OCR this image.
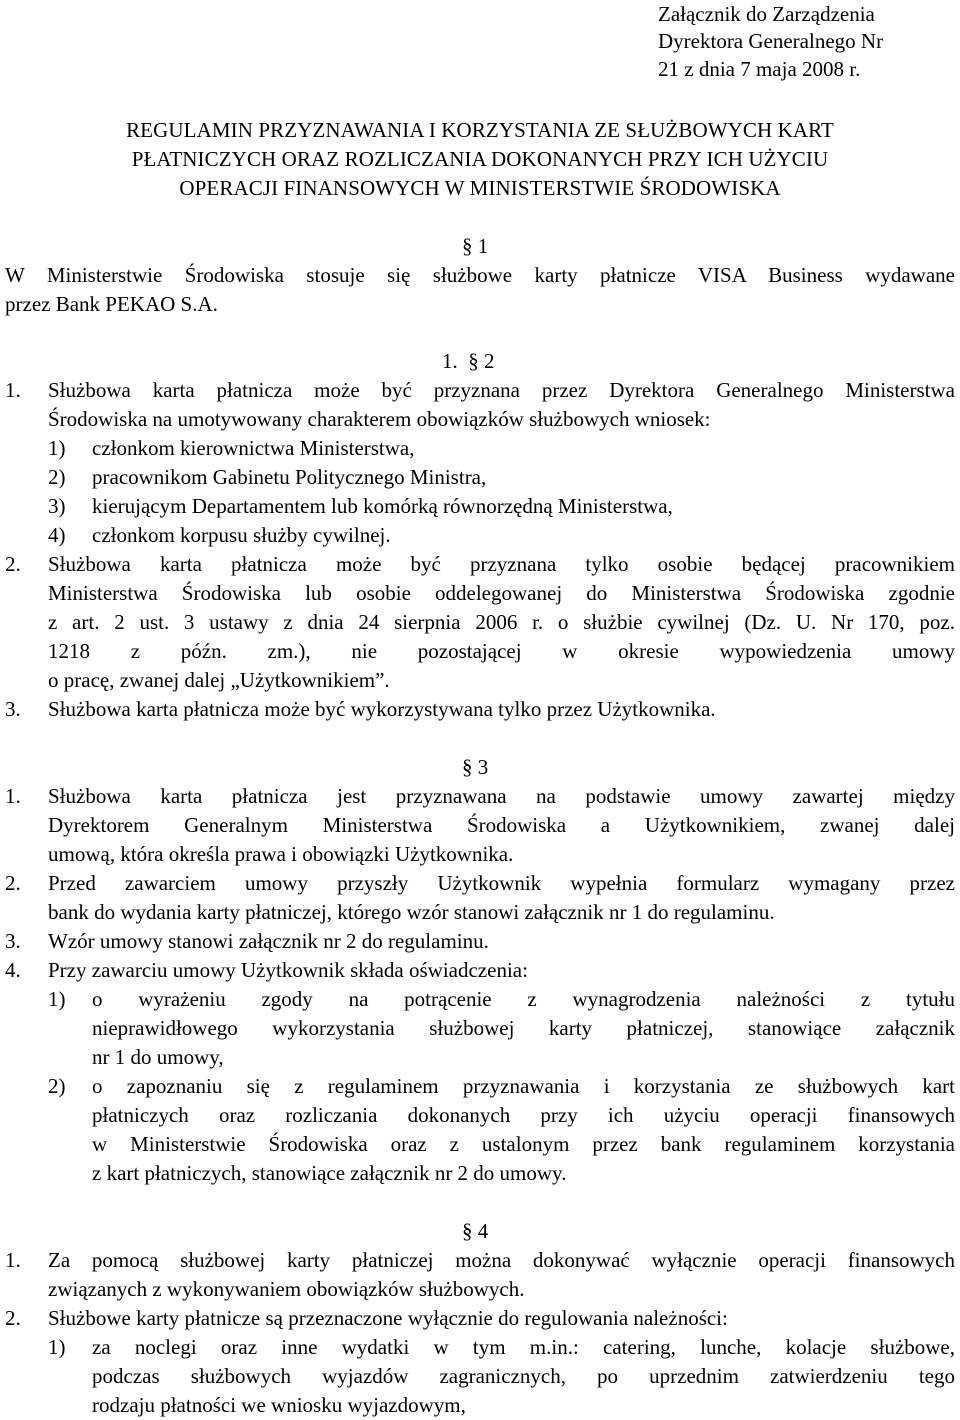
Załącznik do Zarządzenia
Dyrektora Generalnego Nr
21 z dnia 7 maja 2008 r.
REGULAMIN PRZYZNAWANIA I KORZYSTANIA ZE SŁUŻBOWYCH KART
PŁATNICZYCH ORAZ ROZLICZANIA DOKONANYCH PRZY ICH UŻYCIU
OPERACJI FINANSOWYCH W MINISTERSTWIE ŚRODOWISKA
§ 1
W Ministerstwie Środowiska stosuje się służbowe karty płatnicze VISA Business wydawane
przez Bank PEKAO S.A.
1. § 2
1. Służbowa karta płatnicza może być przyznana przez Dyrektora Generalnego Ministerstwa
Środowiska na umotywowany charakterem obowiązków służbowych wniosek:
1) członkom kierownictwa Ministerstwa,
2) pracownikom Gabinetu Politycznego Ministra,
3) kierującym Departamentem lub komórką równorzędną Ministerstwa,
4) członkom korpusu służby cywilnej.
2. Służbowa karta płatnicza może być przyznana tylko osobie będącej pracownikiem
Ministerstwa Środowiska lub osobie oddelegowanej do Ministerstwa Środowiska zgodnie
z art. 2 ust. 3 ustawy z dnia 24 sierpnia 2006 r. o służbie cywilnej (Dz. U. Nr 170, poz.
1218 z późn. zm.), nie pozostającej w okresie wypowiedzenia umowy
o pracę, zwanej dalej „Użytkownikiem”.
3. Służbowa karta płatnicza może być wykorzystywana tylko przez Użytkownika.
§ 3
1. Służbowa karta płatnicza jest przyznawana na podstawie umowy zawartej między
Dyrektorem Generalnym Ministerstwa Środowiska a Użytkownikiem, zwanej dalej
umową, która określa prawa i obowiązki Użytkownika.
2. Przed zawarciem umowy przyszły Użytkownik wypełnia formularz wymagany przez
bank do wydania karty płatniczej, którego wzór stanowi załącznik nr 1 do regulaminu.
3. Wzór umowy stanowi załącznik nr 2 do regulaminu.
4. Przy zawarciu umowy Użytkownik składa oświadczenia:
1) o wyrażeniu zgody na potrącenie z wynagrodzenia należności z tytułu
nieprawidłowego wykorzystania służbowej karty płatniczej, stanowiące załącznik
nr 1 do umowy,
2) o zapoznaniu się z regulaminem przyznawania i korzystania ze służbowych kart
płatniczych oraz rozliczania dokonanych przy ich użyciu operacji finansowych
w Ministerstwie Środowiska oraz z ustalonym przez bank regulaminem korzystania
z kart płatniczych, stanowiące załącznik nr 2 do umowy.
§ 4
1. Za pomocą służbowej karty płatniczej można dokonywać wyłącznie operacji finansowych
związanych z wykonywaniem obowiązków służbowych.
2. Służbowe karty płatnicze są przeznaczone wyłącznie do regulowania należności:
1) za noclegi oraz inne wydatki w tym m.in.: catering, lunche, kolacje służbowe,
podczas służbowych wyjazdów zagranicznych, po uprzednim zatwierdzeniu tego
rodzaju płatności we wniosku wyjazdowym,
